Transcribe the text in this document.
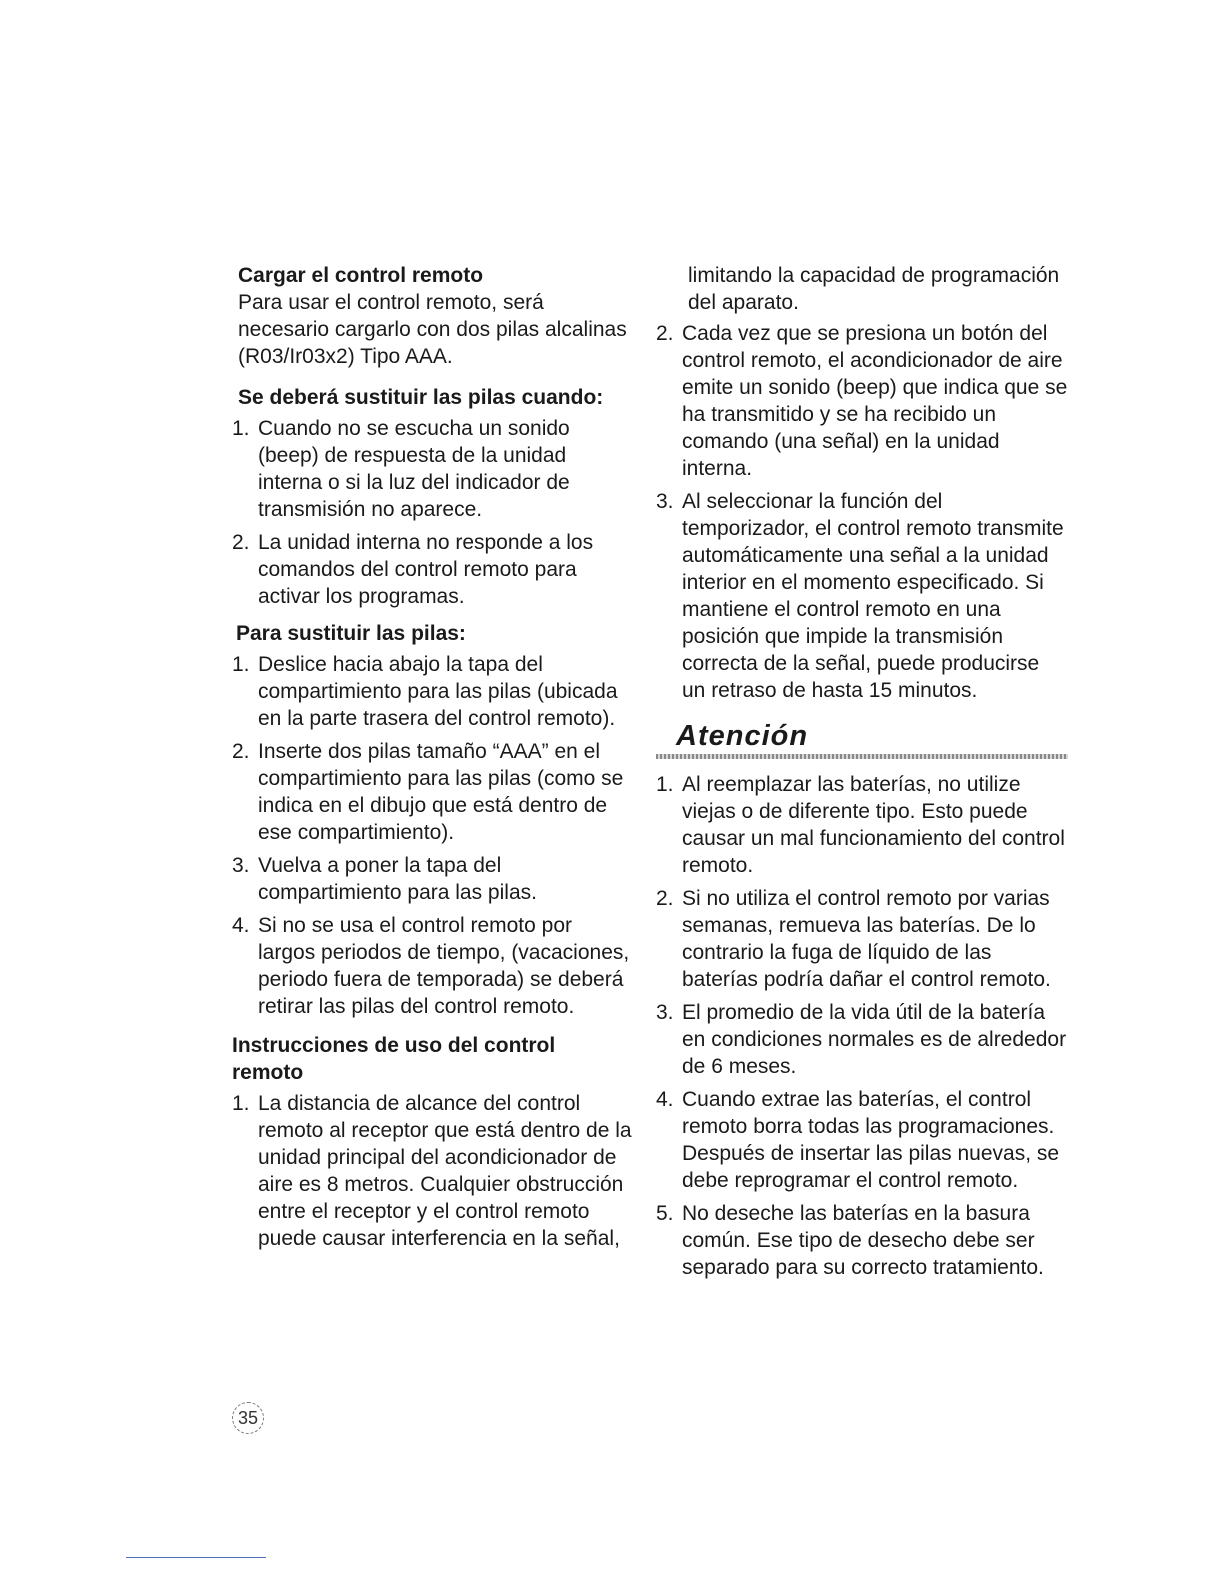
Cargar el control remoto

Para usar el control remoto, será necesario cargarlo con dos pilas alcalinas (R03/Ir03x2) Tipo AAA.

Se deberá sustituir las pilas cuando:

1. Cuando no se escucha un sonido (beep) de respuesta de la unidad interna o si la luz del indicador de transmisión no aparece.
2. La unidad interna no responde a los comandos del control remoto para activar los programas.

Para sustituir las pilas:

1. Deslice hacia abajo la tapa del compartimiento para las pilas (ubicada en la parte trasera del control remoto).
2. Inserte dos pilas tamaño “AAA” en el compartimiento para las pilas (como se indica en el dibujo que está dentro de ese compartimiento).
3. Vuelva a poner la tapa del compartimiento para las pilas.
4. Si no se usa el control remoto por largos periodos de tiempo, (vacaciones, periodo fuera de temporada) se deberá retirar las pilas del control remoto.

Instrucciones de uso del control remoto

1. La distancia de alcance del control remoto al receptor que está dentro de la unidad principal del acondicionador de aire es 8 metros. Cualquier obstrucción entre el receptor y el control remoto puede causar interferencia en la señal,

limitando la capacidad de programación del aparato.

2. Cada vez que se presiona un botón del control remoto, el acondicionador de aire emite un sonido (beep) que indica que se ha transmitido y se ha recibido un comando (una señal) en la unidad interna.
3. Al seleccionar la función del temporizador, el control remoto transmite automáticamente una señal a la unidad interior en el momento especificado. Si mantiene el control remoto en una posición que impide la transmisión correcta de la señal, puede producirse un retraso de hasta 15 minutos.
Atención
1. Al reemplazar las baterías, no utilize viejas o de diferente tipo. Esto puede causar un mal funcionamiento del control remoto.
2. Si no utiliza el control remoto por varias semanas, remueva las baterías. De lo contrario la fuga de líquido de las baterías podría dañar el control remoto.
3. El promedio de la vida útil de la batería en condiciones normales es de alrededor de 6 meses.
4. Cuando extrae las baterías, el control remoto borra todas las programaciones. Después de insertar las pilas nuevas, se debe reprogramar el control remoto.
5. No deseche las baterías en la basura común. Ese tipo de desecho debe ser separado para su correcto tratamiento.
35
